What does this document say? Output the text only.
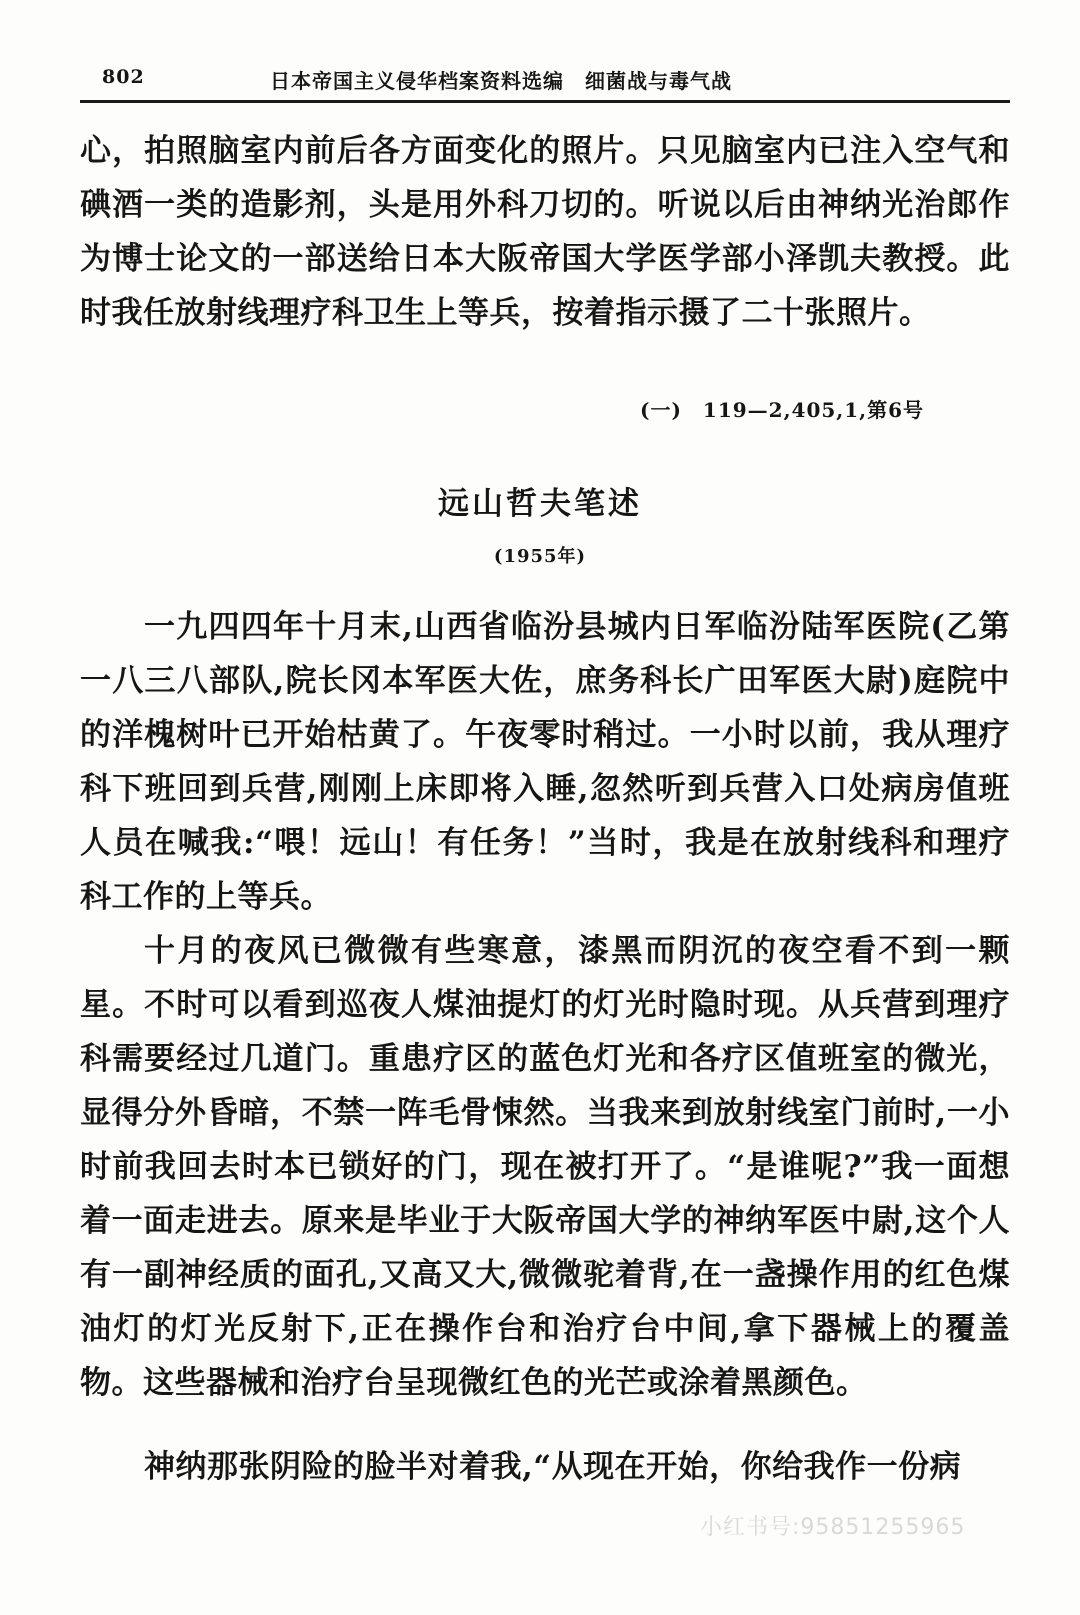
802	日本帝国主义侵华档案资料选编　细菌战与毒气战

心，拍照脑室内前后各方面变化的照片。只见脑室内已注入空气和碘酒一类的造影剂，头是用外科刀切的。听说以后由神纳光治郎作为博士论文的一部送给日本大阪帝国大学医学部小泽凯夫教授。此时我任放射线理疗科卫生上等兵，按着指示摄了二十张照片。

(一)　119—2,405,1,第6号
远山哲夫笔述
(1955年)

一九四四年十月末,山西省临汾县城内日军临汾陆军医院(乙第一八三八部队,院长冈本军医大佐，庶务科长广田军医大尉)庭院中的洋槐树叶已开始枯黄了。午夜零时稍过。一小时以前，我从理疗科下班回到兵营,刚刚上床即将入睡,忽然听到兵营入口处病房值班人员在喊我:“喂！远山！有任务！”当时，我是在放射线科和理疗科工作的上等兵。

十月的夜风已微微有些寒意，漆黑而阴沉的夜空看不到一颗星。不时可以看到巡夜人煤油提灯的灯光时隐时现。从兵营到理疗科需要经过几道门。重患疗区的蓝色灯光和各疗区值班室的微光，显得分外昏暗，不禁一阵毛骨悚然。当我来到放射线室门前时,一小时前我回去时本已锁好的门，现在被打开了。“是谁呢?”我一面想着一面走进去。原来是毕业于大阪帝国大学的神纳军医中尉,这个人有一副神经质的面孔,又高又大,微微驼着背,在一盏操作用的红色煤油灯的灯光反射下,正在操作台和治疗台中间,拿下器械上的覆盖物。这些器械和治疗台呈现微红色的光芒或涂着黑颜色。

神纳那张阴险的脸半对着我,“从现在开始，你给我作一份病

小红书号:95851255965
